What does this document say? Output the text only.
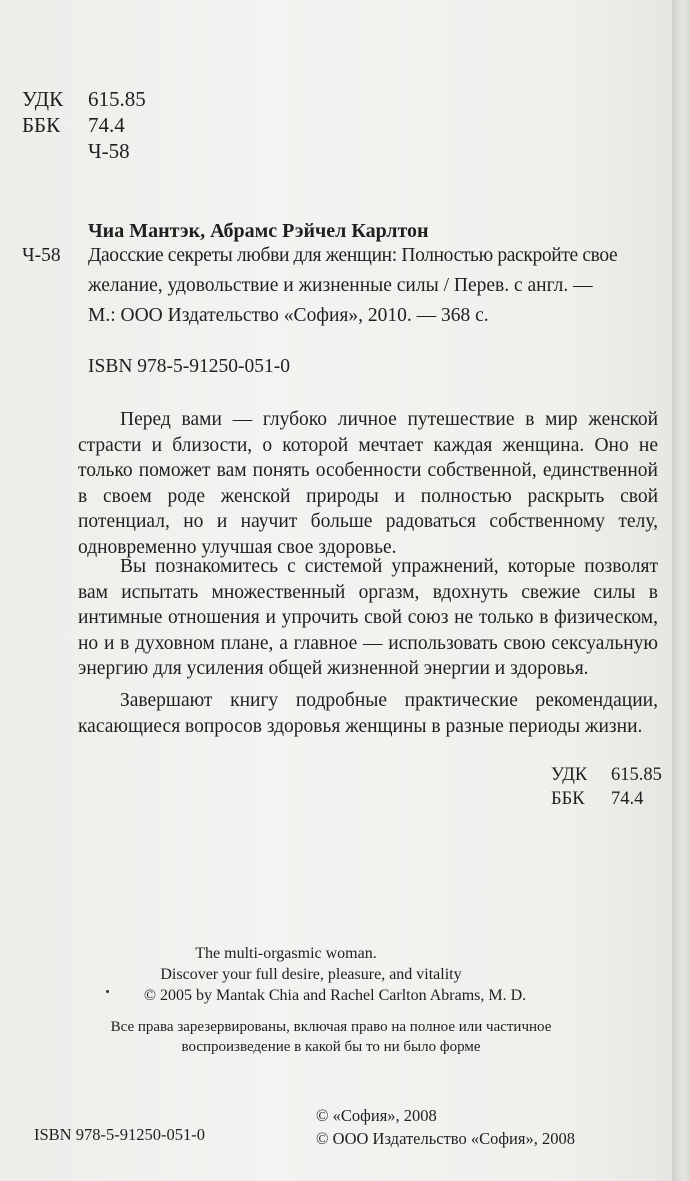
УДК 615.85
ББК 74.4
Ч-58
Чиа Мантэк, Абрамс Рэйчел Карлтон
Ч-58 Даосские секреты любви для женщин: Полностью раскройте свое
желание, удовольствие и жизненные силы / Перев. с англ. —
М.: ООО Издательство «София», 2010. — 368 с.
ISBN 978-5-91250-051-0
Перед вами — глубоко личное путешествие в мир женской страсти и близости, о которой мечтает каждая женщина. Оно не только поможет вам понять особенности собственной, единственной в своем роде женской природы и полностью раскрыть свой потенциал, но и научит больше радоваться собственному телу, одновременно улучшая свое здоровье.
Вы познакомитесь с системой упражнений, которые позволят вам испытать множественный оргазм, вдохнуть свежие силы в интимные отношения и упрочить свой союз не только в физическом, но и в духовном плане, а главное — использовать свою сексуальную энергию для усиления общей жизненной энергии и здоровья.
Завершают книгу подробные практические рекомендации, касающиеся вопросов здоровья женщины в разные периоды жизни.
УДК 615.85
ББК 74.4
The multi-orgasmic woman.
Discover your full desire, pleasure, and vitality
© 2005 by Mantak Chia and Rachel Carlton Abrams, M. D.
Все права зарезервированы, включая право на полное или частичное
воспроизведение в какой бы то ни было форме
ISBN 978-5-91250-051-0
© «София», 2008
© ООО Издательство «София», 2008
